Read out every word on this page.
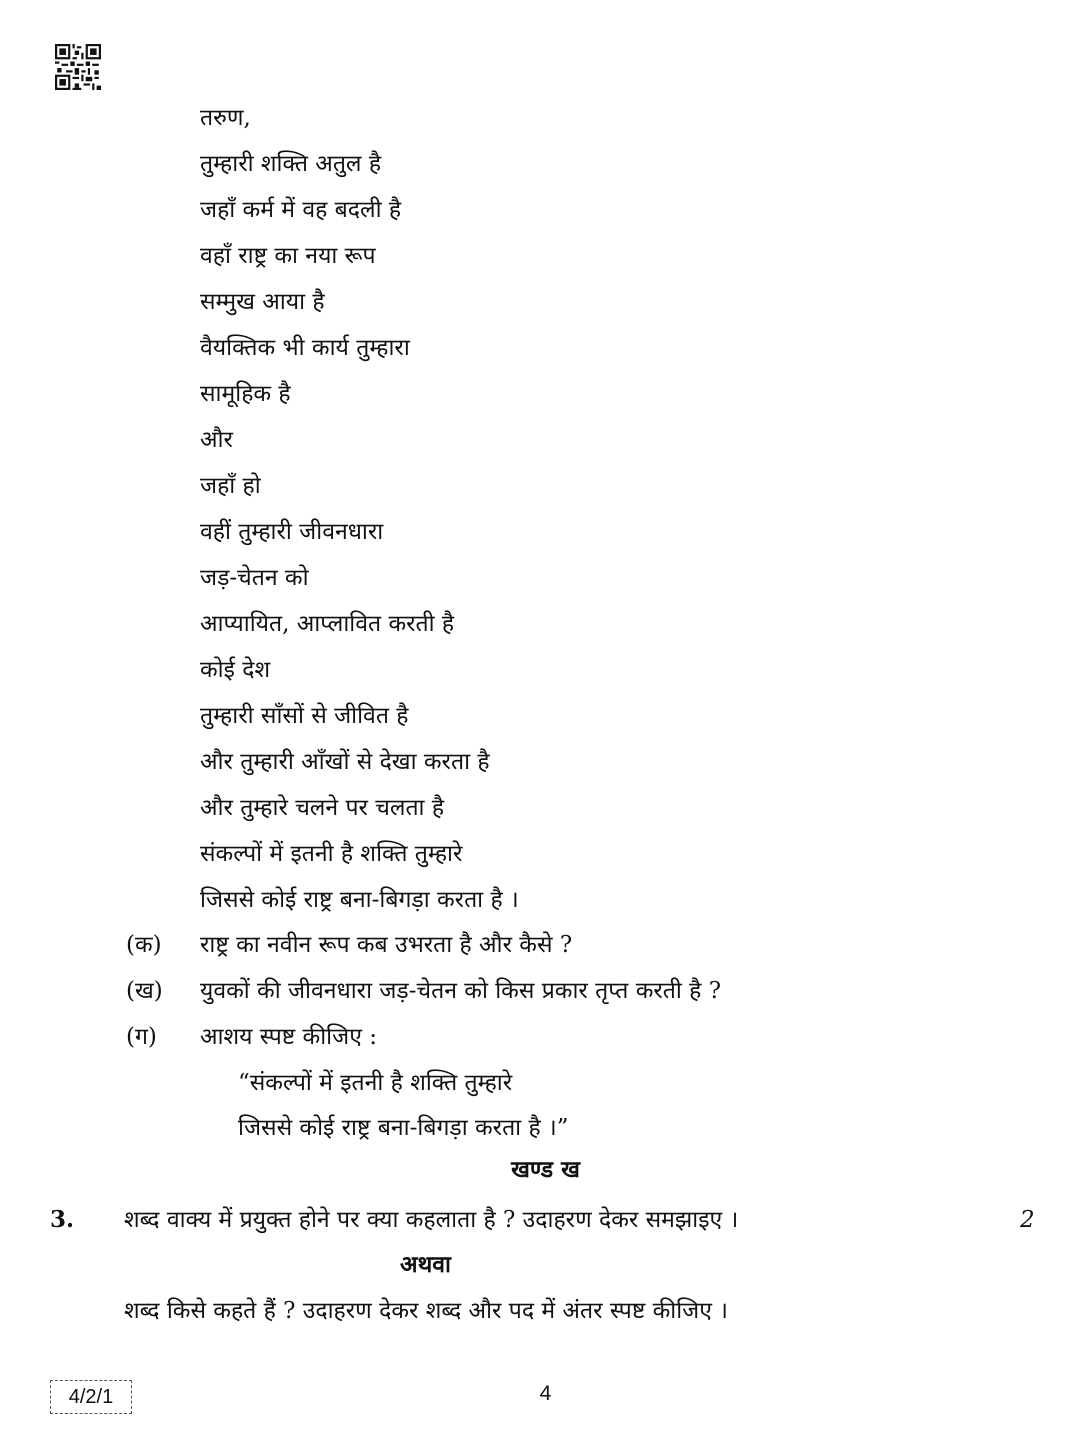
तरुण,
तुम्हारी शक्ति अतुल है
जहाँ कर्म में वह बदली है
वहाँ राष्ट्र का नया रूप
सम्मुख आया है
वैयक्तिक भी कार्य तुम्हारा
सामूहिक है
और
जहाँ हो
वहीं तुम्हारी जीवनधारा
जड़-चेतन को
आप्यायित, आप्लावित करती है
कोई देश
तुम्हारी साँसों से जीवित है
और तुम्हारी आँखों से देखा करता है
और तुम्हारे चलने पर चलता है
संकल्पों में इतनी है शक्ति तुम्हारे
जिससे कोई राष्ट्र बना-बिगड़ा करता है ।
(क) राष्ट्र का नवीन रूप कब उभरता है और कैसे ?
(ख) युवकों की जीवनधारा जड़-चेतन को किस प्रकार तृप्त करती है ?
(ग) आशय स्पष्ट कीजिए :
“संकल्पों में इतनी है शक्ति तुम्हारे
जिससे कोई राष्ट्र बना-बिगड़ा करता है ।”
खण्ड ख
3. शब्द वाक्य में प्रयुक्त होने पर क्या कहलाता है ? उदाहरण देकर समझाइए ।	2
अथवा
शब्द किसे कहते हैं ? उदाहरण देकर शब्द और पद में अंतर स्पष्ट कीजिए ।
4/2/1	4
